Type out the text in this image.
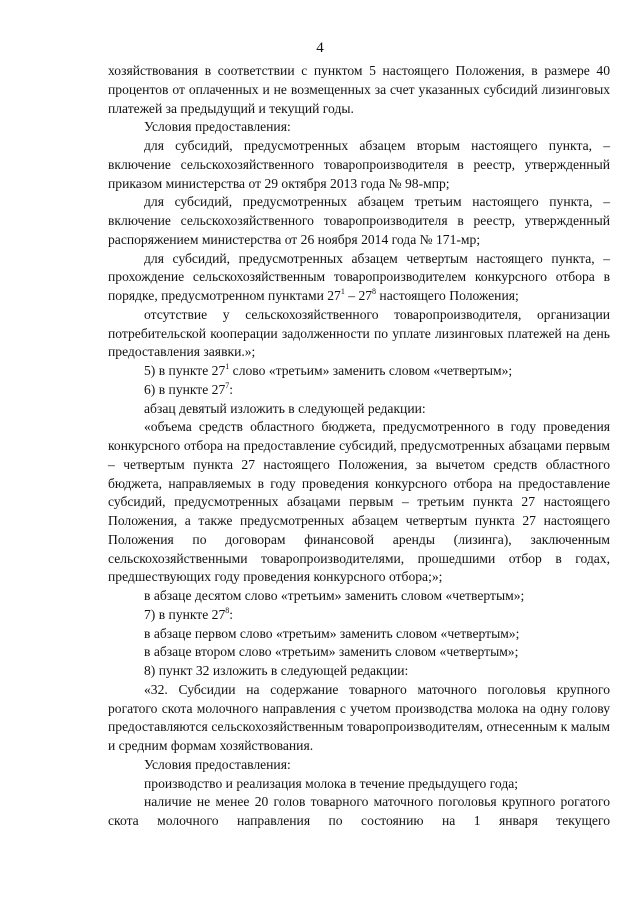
4

хозяйствования в соответствии с пунктом 5 настоящего Положения, в размере 40 процентов от оплаченных и не возмещенных за счет указанных субсидий лизинговых платежей за предыдущий и текущий годы.

Условия предоставления:

для субсидий, предусмотренных абзацем вторым настоящего пункта, – включение сельскохозяйственного товаропроизводителя в реестр, утвержденный приказом министерства от 29 октября 2013 года № 98-мпр;

для субсидий, предусмотренных абзацем третьим настоящего пункта, – включение сельскохозяйственного товаропроизводителя в реестр, утвержденный распоряжением министерства от 26 ноября 2014 года № 171-мр;

для субсидий, предусмотренных абзацем четвертым настоящего пункта, – прохождение сельскохозяйственным товаропроизводителем конкурсного отбора в порядке, предусмотренном пунктами $27^1 - 27^8$ настоящего Положения;

отсутствие у сельскохозяйственного товаропроизводителя, организации потребительской кооперации задолженности по уплате лизинговых платежей на день предоставления заявки.»;

5) в пункте $27^1$ слово «третьим» заменить словом «четвертым»;

6) в пункте $27^7$:

абзац девятый изложить в следующей редакции:

«объема средств областного бюджета, предусмотренного в году проведения конкурсного отбора на предоставление субсидий, предусмотренных абзацами первым – четвертым пункта 27 настоящего Положения, за вычетом средств областного бюджета, направляемых в году проведения конкурсного отбора на предоставление субсидий, предусмотренных абзацами первым – третьим пункта 27 настоящего Положения, а также предусмотренных абзацем четвертым пункта 27 настоящего Положения по договорам финансовой аренды (лизинга), заключенным сельскохозяйственными товаропроизводителями, прошедшими отбор в годах, предшествующих году проведения конкурсного отбора;»;

в абзаце десятом слово «третьим» заменить словом «четвертым»;

7) в пункте $27^8$:

в абзаце первом слово «третьим» заменить словом «четвертым»;

в абзаце втором слово «третьим» заменить словом «четвертым»;

8) пункт 32 изложить в следующей редакции:

«32. Субсидии на содержание товарного маточного поголовья крупного рогатого скота молочного направления с учетом производства молока на одну голову предоставляются сельскохозяйственным товаропроизводителям, отнесенным к малым и средним формам хозяйствования.

Условия предоставления:

производство и реализация молока в течение предыдущего года;

наличие не менее 20 голов товарного маточного поголовья крупного рогатого скота молочного направления по состоянию на 1 января текущего
